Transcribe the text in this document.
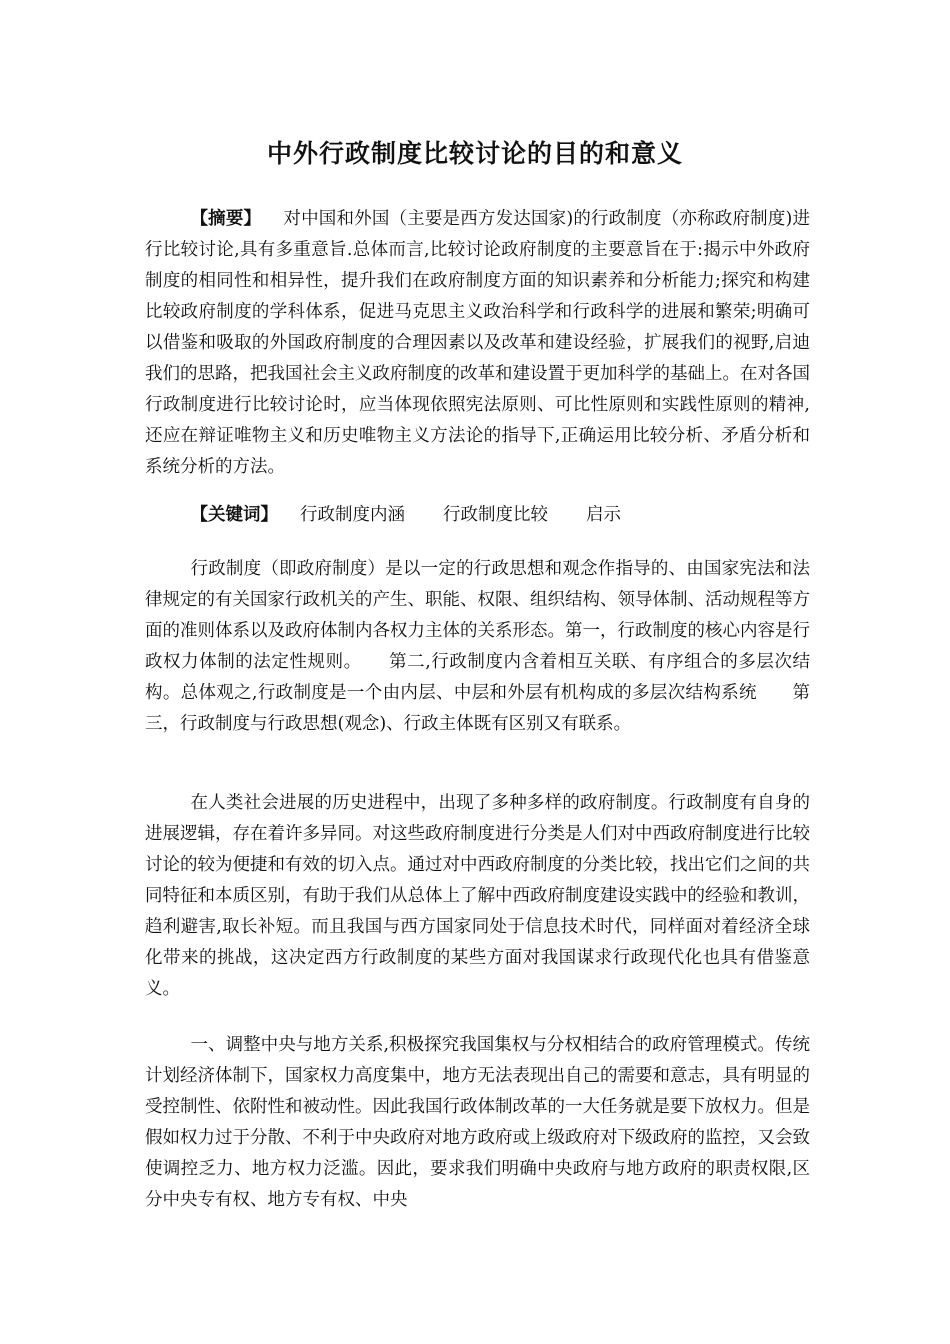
中外行政制度比较讨论的目的和意义

【摘要】 对中国和外国（主要是西方发达国家)的行政制度（亦称政府制度)进行比较讨论,具有多重意旨.总体而言,比较讨论政府制度的主要意旨在于:揭示中外政府制度的相同性和相异性，提升我们在政府制度方面的知识素养和分析能力;探究和构建比较政府制度的学科体系，促进马克思主义政治科学和行政科学的进展和繁荣;明确可以借鉴和吸取的外国政府制度的合理因素以及改革和建设经验，扩展我们的视野,启迪我们的思路，把我国社会主义政府制度的改革和建设置于更加科学的基础上。在对各国行政制度进行比较讨论时，应当体现依照宪法原则、可比性原则和实践性原则的精神,还应在辩证唯物主义和历史唯物主义方法论的指导下,正确运用比较分析、矛盾分析和系统分析的方法。

【关键词】 行政制度内涵 行政制度比较 启示

行政制度（即政府制度）是以一定的行政思想和观念作指导的、由国家宪法和法律规定的有关国家行政机关的产生、职能、权限、组织结构、领导体制、活动规程等方面的准则体系以及政府体制内各权力主体的关系形态。第一，行政制度的核心内容是行政权力体制的法定性规则。　　第二,行政制度内含着相互关联、有序组合的多层次结构。总体观之,行政制度是一个由内层、中层和外层有机构成的多层次结构系统　　第三，行政制度与行政思想(观念)、行政主体既有区别又有联系。

在人类社会进展的历史进程中，出现了多种多样的政府制度。行政制度有自身的进展逻辑，存在着许多异同。对这些政府制度进行分类是人们对中西政府制度进行比较讨论的较为便捷和有效的切入点。通过对中西政府制度的分类比较，找出它们之间的共同特征和本质区别，有助于我们从总体上了解中西政府制度建设实践中的经验和教训，趋利避害,取长补短。而且我国与西方国家同处于信息技术时代，同样面对着经济全球化带来的挑战，这决定西方行政制度的某些方面对我国谋求行政现代化也具有借鉴意义。

一、调整中央与地方关系,积极探究我国集权与分权相结合的政府管理模式。传统计划经济体制下，国家权力高度集中，地方无法表现出自己的需要和意志，具有明显的受控制性、依附性和被动性。因此我国行政体制改革的一大任务就是要下放权力。但是假如权力过于分散、不利于中央政府对地方政府或上级政府对下级政府的监控，又会致使调控乏力、地方权力泛滥。因此，要求我们明确中央政府与地方政府的职责权限,区分中央专有权、地方专有权、中央
